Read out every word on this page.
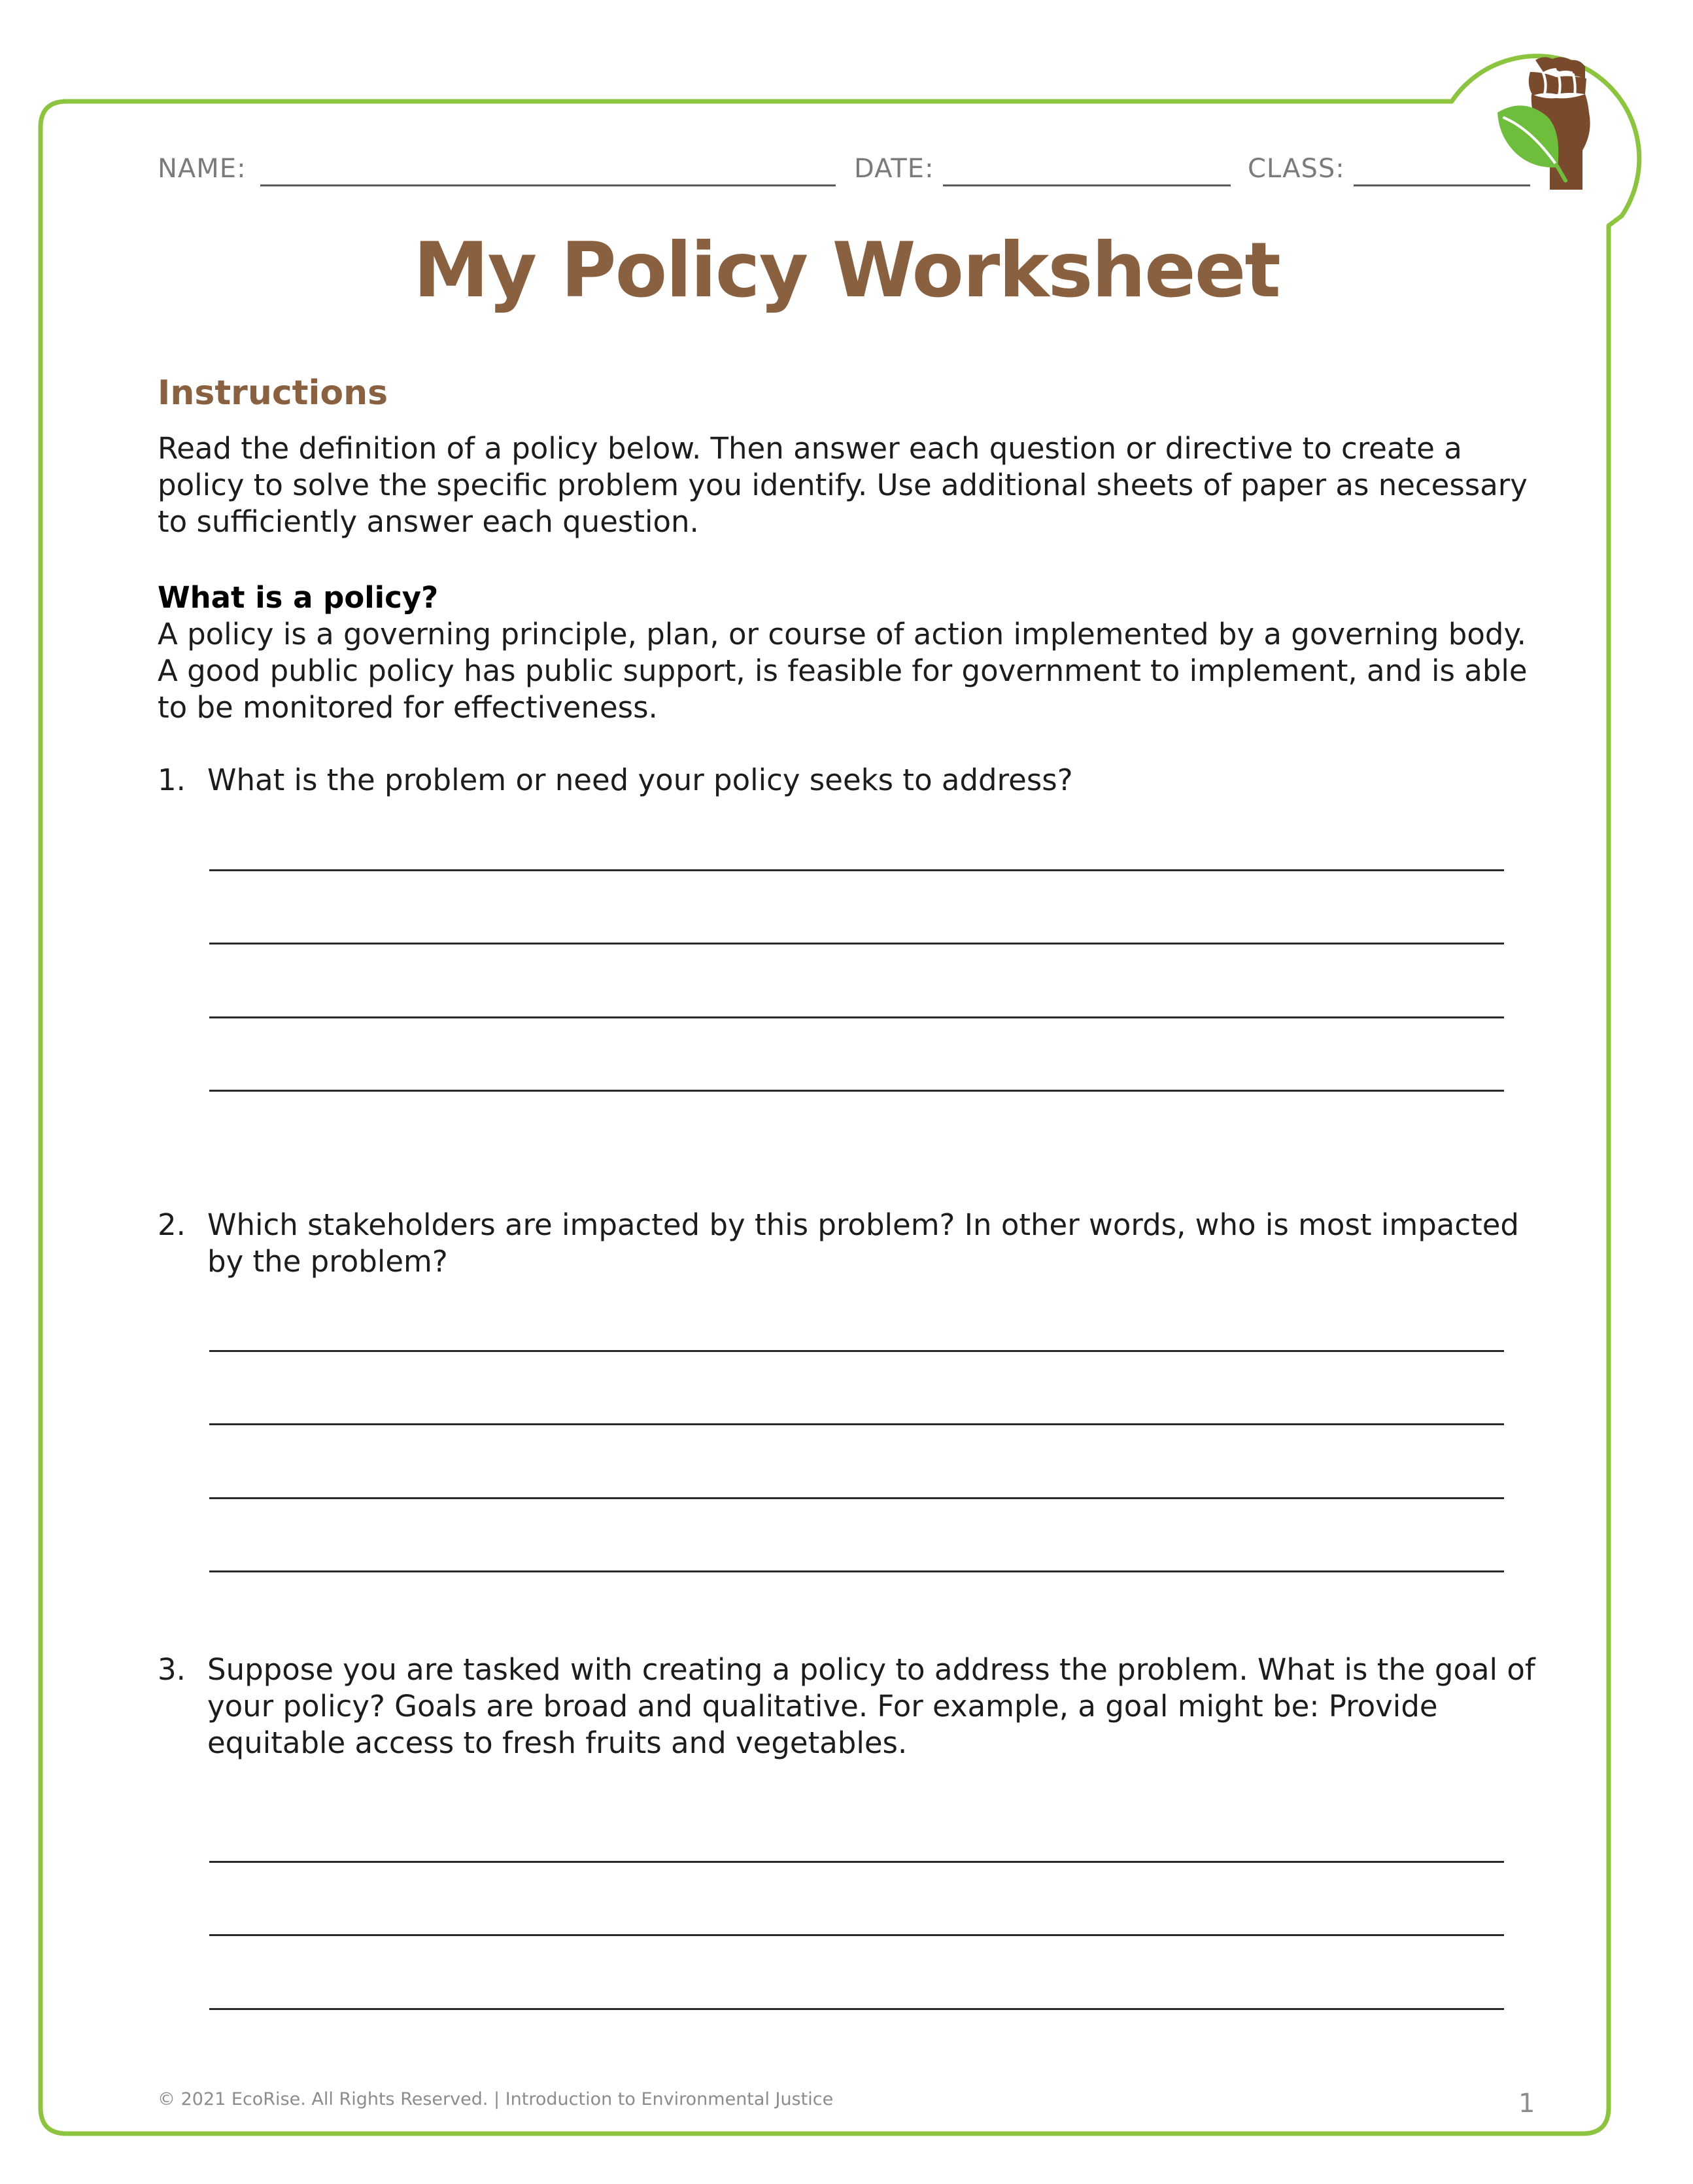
NAME:	DATE:	CLASS:
My Policy Worksheet
Instructions
Read the definition of a policy below. Then answer each question or directive to create a policy to solve the specific problem you identify. Use additional sheets of paper as necessary to sufficiently answer each question.
What is a policy?
A policy is a governing principle, plan, or course of action implemented by a governing body. A good public policy has public support, is feasible for government to implement, and is able to be monitored for effectiveness.
1. What is the problem or need your policy seeks to address?
2. Which stakeholders are impacted by this problem? In other words, who is most impacted by the problem?
3. Suppose you are tasked with creating a policy to address the problem. What is the goal of your policy? Goals are broad and qualitative. For example, a goal might be: Provide equitable access to fresh fruits and vegetables.
© 2021 EcoRise. All Rights Reserved. | Introduction to Environmental Justice	1
